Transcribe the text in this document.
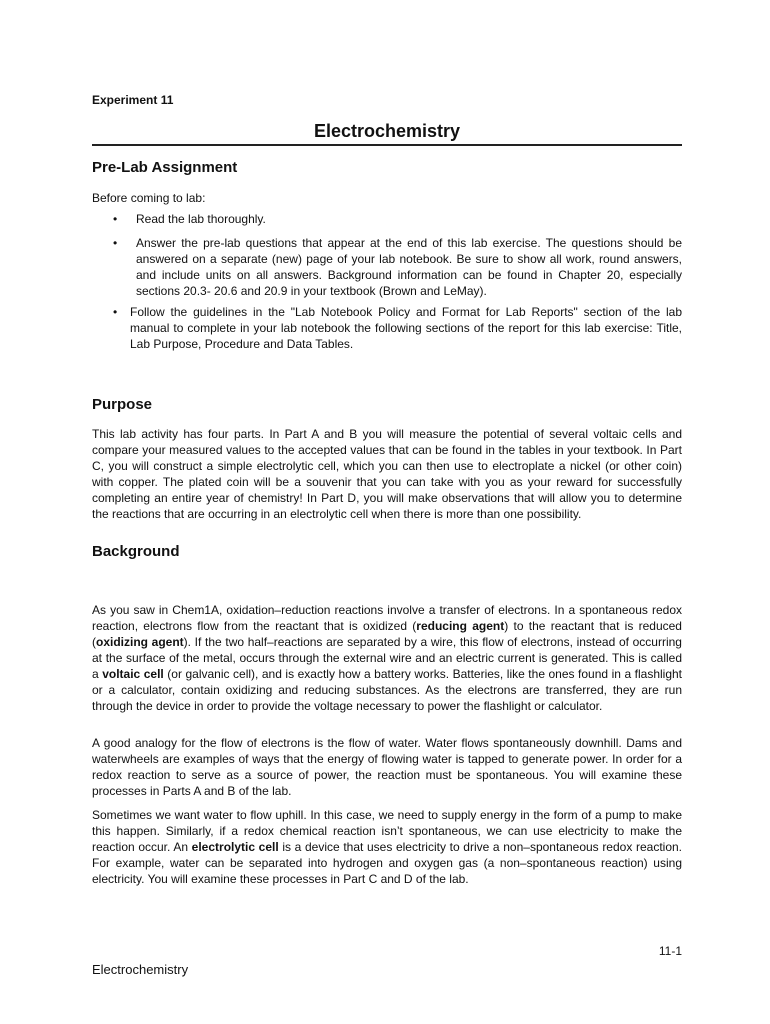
Experiment 11
Electrochemistry
Pre-Lab Assignment

Before coming to lab:

• Read the lab thoroughly.
• Answer the pre-lab questions that appear at the end of this lab exercise. The questions should be answered on a separate (new) page of your lab notebook. Be sure to show all work, round answers, and include units on all answers. Background information can be found in Chapter 20, especially sections 20.3- 20.6 and 20.9 in your textbook (Brown and LeMay).
• Follow the guidelines in the "Lab Notebook Policy and Format for Lab Reports" section of the lab manual to complete in your lab notebook the following sections of the report for this lab exercise: Title, Lab Purpose, Procedure and Data Tables.
Purpose

This lab activity has four parts. In Part A and B you will measure the potential of several voltaic cells and compare your measured values to the accepted values that can be found in the tables in your textbook. In Part C, you will construct a simple electrolytic cell, which you can then use to electroplate a nickel (or other coin) with copper. The plated coin will be a souvenir that you can take with you as your reward for successfully completing an entire year of chemistry! In Part D, you will make observations that will allow you to determine the reactions that are occurring in an electrolytic cell when there is more than one possibility.

Background

As you saw in Chem1A, oxidation–reduction reactions involve a transfer of electrons. In a spontaneous redox reaction, electrons flow from the reactant that is oxidized (reducing agent) to the reactant that is reduced (oxidizing agent). If the two half–reactions are separated by a wire, this flow of electrons, instead of occurring at the surface of the metal, occurs through the external wire and an electric current is generated. This is called a voltaic cell (or galvanic cell), and is exactly how a battery works. Batteries, like the ones found in a flashlight or a calculator, contain oxidizing and reducing substances. As the electrons are transferred, they are run through the device in order to provide the voltage necessary to power the flashlight or calculator.

A good analogy for the flow of electrons is the flow of water. Water flows spontaneously downhill. Dams and waterwheels are examples of ways that the energy of flowing water is tapped to generate power. In order for a redox reaction to serve as a source of power, the reaction must be spontaneous. You will examine these processes in Parts A and B of the lab.

Sometimes we want water to flow uphill. In this case, we need to supply energy in the form of a pump to make this happen. Similarly, if a redox chemical reaction isn’t spontaneous, we can use electricity to make the reaction occur. An electrolytic cell is a device that uses electricity to drive a non–spontaneous redox reaction. For example, water can be separated into hydrogen and oxygen gas (a non–spontaneous reaction) using electricity. You will examine these processes in Part C and D of the lab.

11-1
Electrochemistry
